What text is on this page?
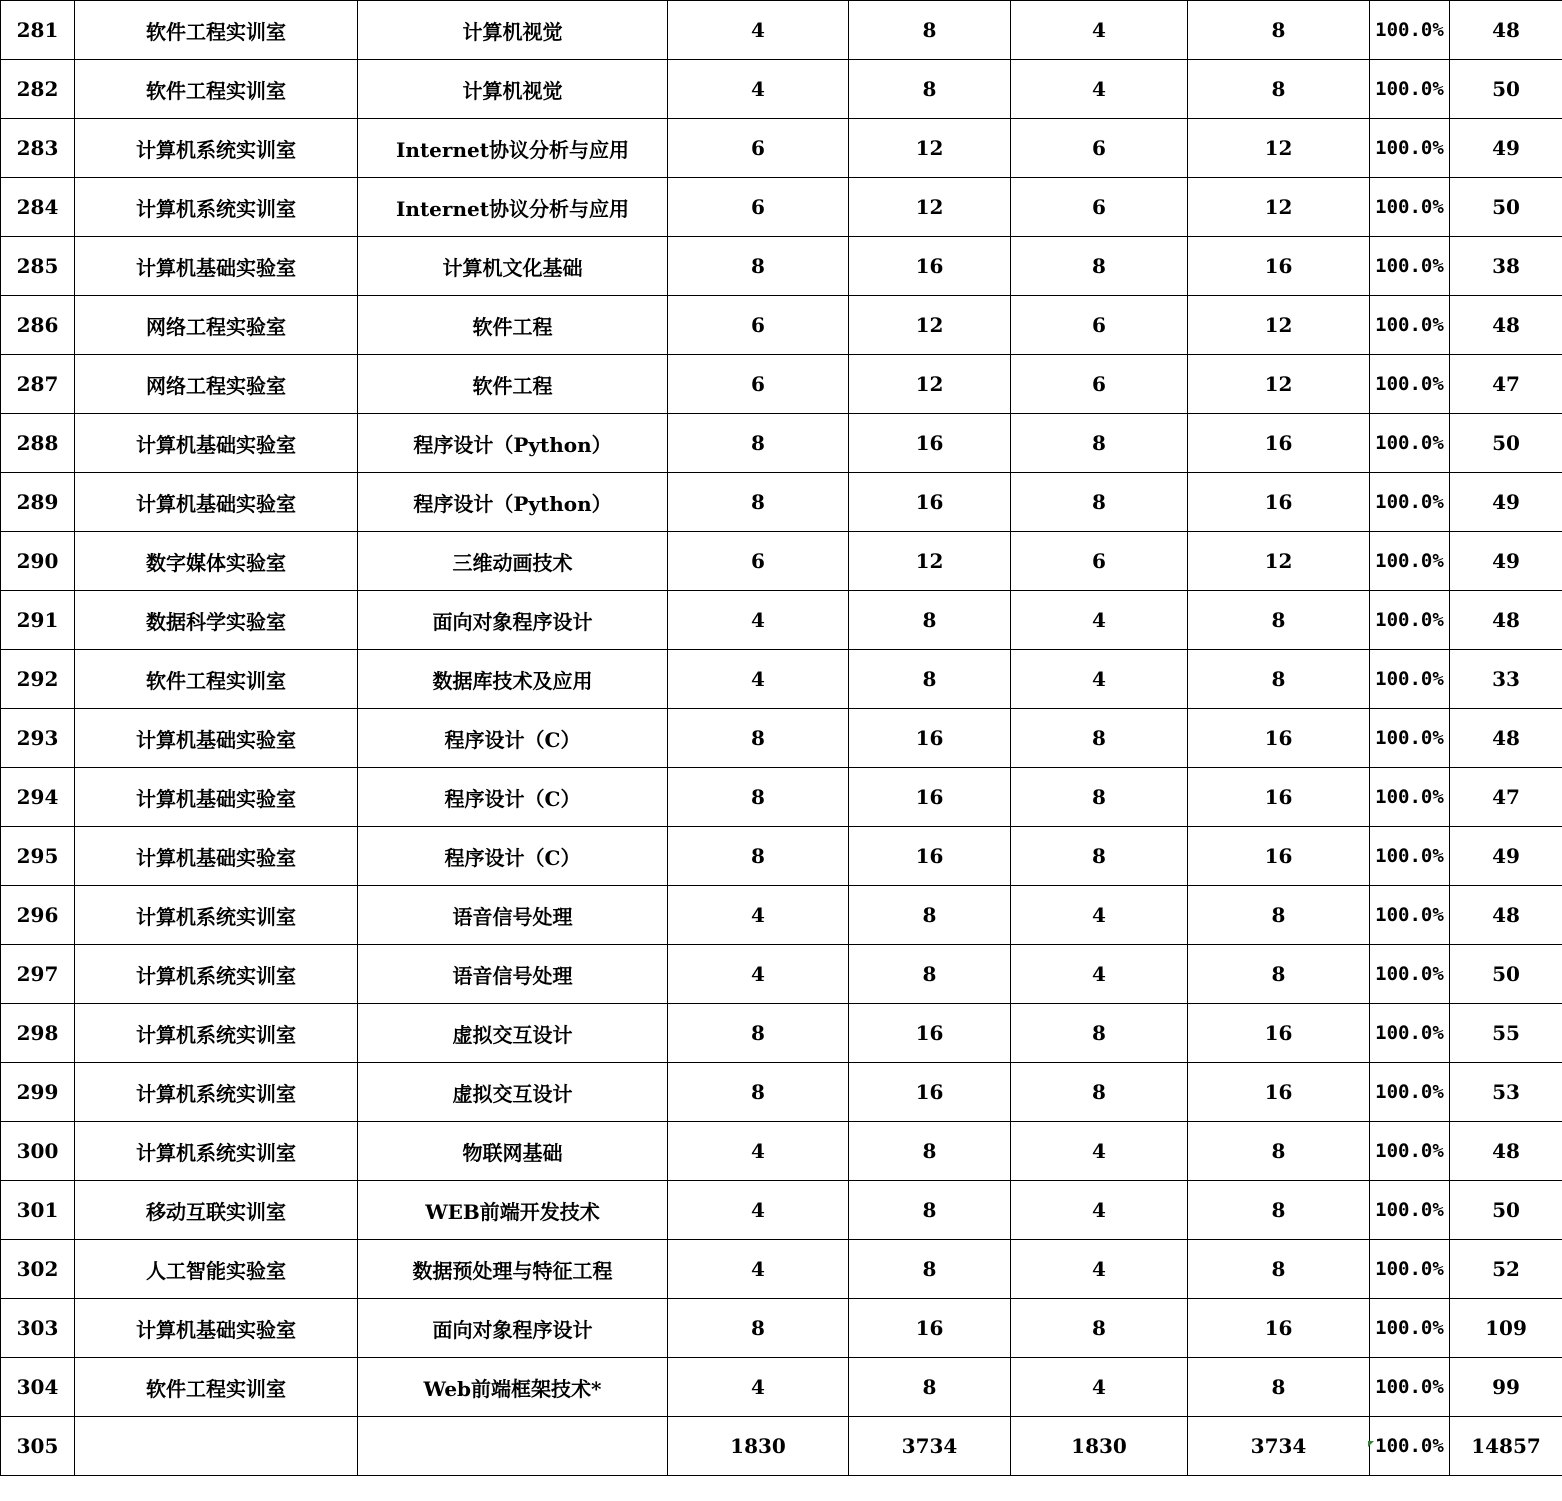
281	软件工程实训室	计算机视觉	4	8	4	8	100.0%	48
282	软件工程实训室	计算机视觉	4	8	4	8	100.0%	50
283	计算机系统实训室	Internet协议分析与应用	6	12	6	12	100.0%	49
284	计算机系统实训室	Internet协议分析与应用	6	12	6	12	100.0%	50
285	计算机基础实验室	计算机文化基础	8	16	8	16	100.0%	38
286	网络工程实验室	软件工程	6	12	6	12	100.0%	48
287	网络工程实验室	软件工程	6	12	6	12	100.0%	47
288	计算机基础实验室	程序设计（Python）	8	16	8	16	100.0%	50
289	计算机基础实验室	程序设计（Python）	8	16	8	16	100.0%	49
290	数字媒体实验室	三维动画技术	6	12	6	12	100.0%	49
291	数据科学实验室	面向对象程序设计	4	8	4	8	100.0%	48
292	软件工程实训室	数据库技术及应用	4	8	4	8	100.0%	33
293	计算机基础实验室	程序设计（C）	8	16	8	16	100.0%	48
294	计算机基础实验室	程序设计（C）	8	16	8	16	100.0%	47
295	计算机基础实验室	程序设计（C）	8	16	8	16	100.0%	49
296	计算机系统实训室	语音信号处理	4	8	4	8	100.0%	48
297	计算机系统实训室	语音信号处理	4	8	4	8	100.0%	50
298	计算机系统实训室	虚拟交互设计	8	16	8	16	100.0%	55
299	计算机系统实训室	虚拟交互设计	8	16	8	16	100.0%	53
300	计算机系统实训室	物联网基础	4	8	4	8	100.0%	48
301	移动互联实训室	WEB前端开发技术	4	8	4	8	100.0%	50
302	人工智能实验室	数据预处理与特征工程	4	8	4	8	100.0%	52
303	计算机基础实验室	面向对象程序设计	8	16	8	16	100.0%	109
304	软件工程实训室	Web前端框架技术*	4	8	4	8	100.0%	99
305			1830	3734	1830	3734	100.0%	14857
